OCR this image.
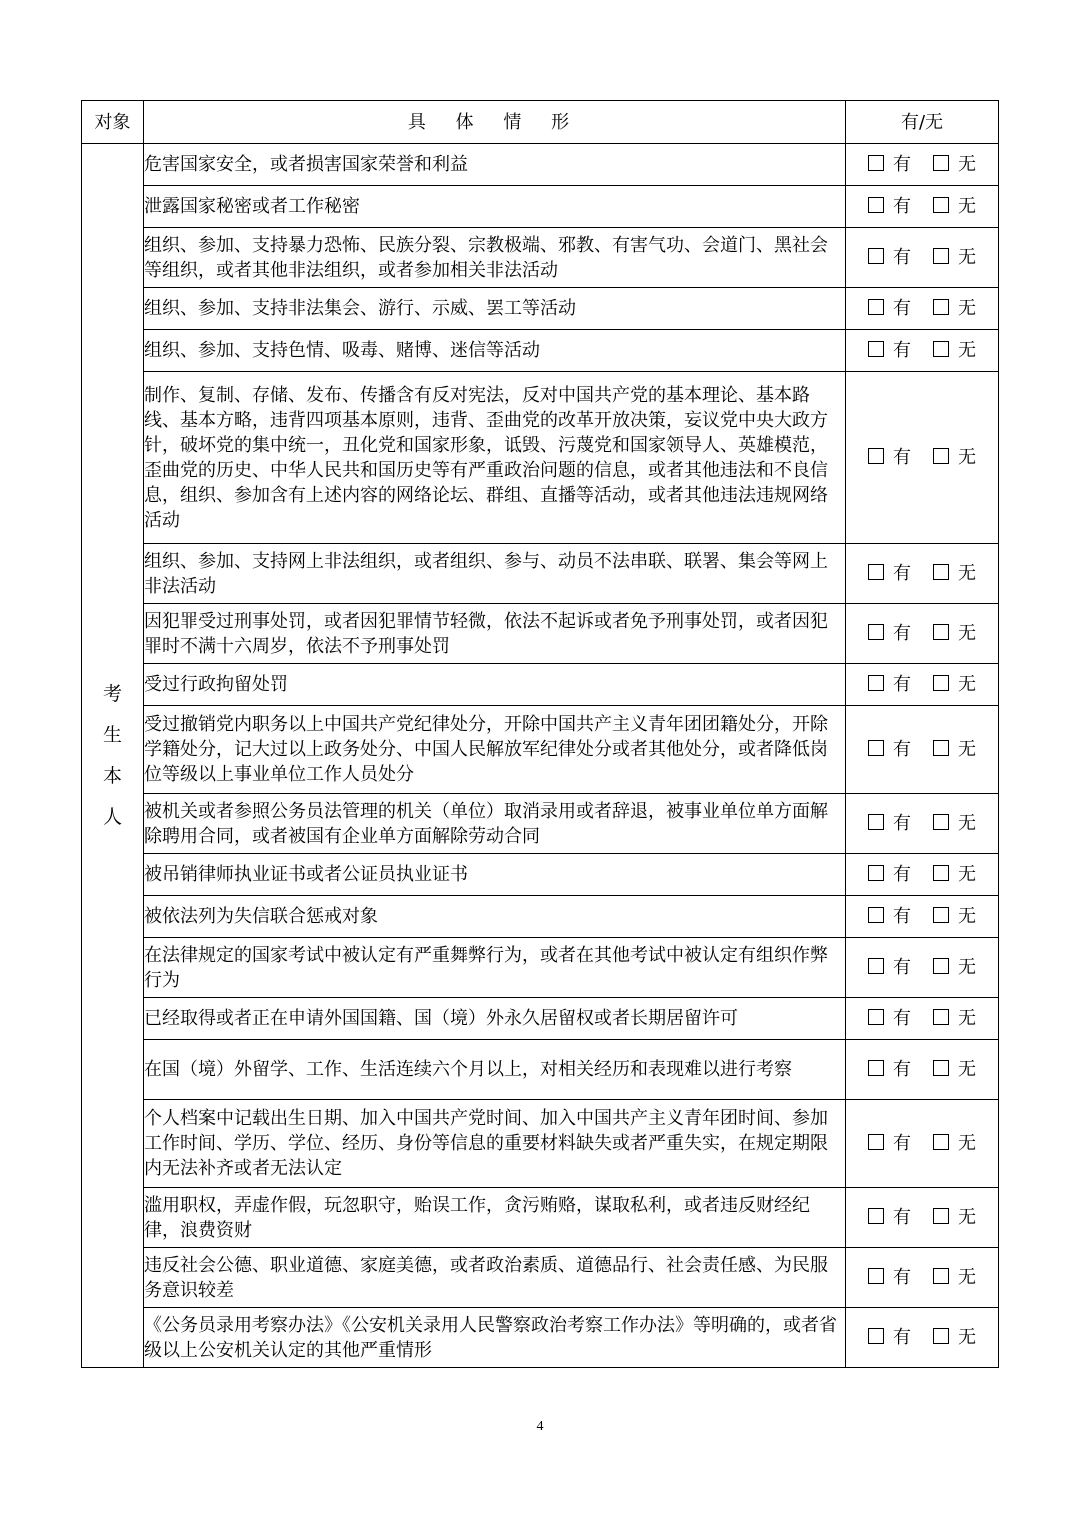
对象	具 体 情 形	有/无

考生本人	危害国家安全，或者损害国家荣誉和利益	有 无
	泄露国家秘密或者工作秘密	有 无
	组织、参加、支持暴力恐怖、民族分裂、宗教极端、邪教、有害气功、会道门、黑社会等组织，或者其他非法组织，或者参加相关非法活动	有 无
	组织、参加、支持非法集会、游行、示威、罢工等活动	有 无
	组织、参加、支持色情、吸毒、赌博、迷信等活动	有 无
	制作、复制、存储、发布、传播含有反对宪法，反对中国共产党的基本理论、基本路线、基本方略，违背四项基本原则，违背、歪曲党的改革开放决策，妄议党中央大政方针，破坏党的集中统一，丑化党和国家形象，诋毁、污蔑党和国家领导人、英雄模范，歪曲党的历史、中华人民共和国历史等有严重政治问题的信息，或者其他违法和不良信息，组织、参加含有上述内容的网络论坛、群组、直播等活动，或者其他违法违规网络活动	有 无
	组织、参加、支持网上非法组织，或者组织、参与、动员不法串联、联署、集会等网上非法活动	有 无
	因犯罪受过刑事处罚，或者因犯罪情节轻微，依法不起诉或者免予刑事处罚，或者因犯罪时不满十六周岁，依法不予刑事处罚	有 无
	受过行政拘留处罚	有 无
	受过撤销党内职务以上中国共产党纪律处分，开除中国共产主义青年团团籍处分，开除学籍处分，记大过以上政务处分、中国人民解放军纪律处分或者其他处分，或者降低岗位等级以上事业单位工作人员处分	有 无
	被机关或者参照公务员法管理的机关（单位）取消录用或者辞退，被事业单位单方面解除聘用合同，或者被国有企业单方面解除劳动合同	有 无
	被吊销律师执业证书或者公证员执业证书	有 无
	被依法列为失信联合惩戒对象	有 无
	在法律规定的国家考试中被认定有严重舞弊行为，或者在其他考试中被认定有组织作弊行为	有 无
	已经取得或者正在申请外国国籍、国（境）外永久居留权或者长期居留许可	有 无
	在国（境）外留学、工作、生活连续六个月以上，对相关经历和表现难以进行考察	有 无
	个人档案中记载出生日期、加入中国共产党时间、加入中国共产主义青年团时间、参加工作时间、学历、学位、经历、身份等信息的重要材料缺失或者严重失实，在规定期限内无法补齐或者无法认定	有 无
	滥用职权，弄虚作假，玩忽职守，贻误工作，贪污贿赂，谋取私利，或者违反财经纪律，浪费资财	有 无
	违反社会公德、职业道德、家庭美德，或者政治素质、道德品行、社会责任感、为民服务意识较差	有 无
	《公务员录用考察办法》《公安机关录用人民警察政治考察工作办法》等明确的，或者省级以上公安机关认定的其他严重情形	有 无
4
